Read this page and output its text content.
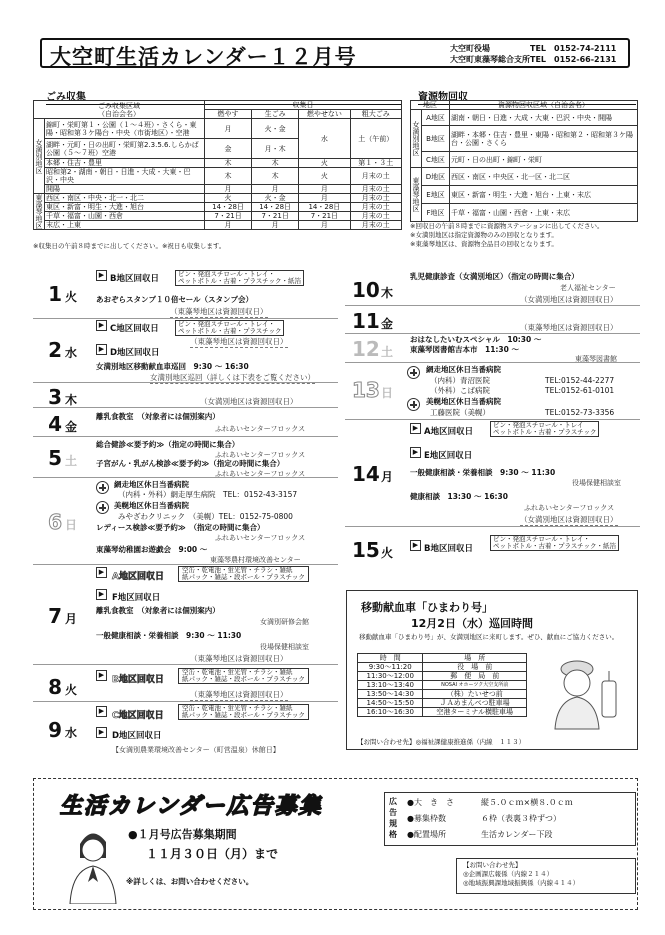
大空町生活カレンダー１２月号	大空町役場	TEL　0152-74-2111
大空町東藻琴総合支所TEL　0152-66-2131
ごみ収集
ごみ収集区域
（自治会名）		収集日			
		燃やす	生ごみ	燃やせない	粗大ごみ
女満別地区	錦町・栄町第１・公園（１～４班）・さくら・東陽・昭和第３ケ陽台・中央（市街地区）・空港	月	火・金	水	土（午前）
	湖畔・元町・日の出町・栄町第2.3.5.6.しらかば公園（５～７班）空港	金	月・木		
	本郷・住吉・豊里	木	木	火	第１・３土
	昭和第2・湖南・朝日・日進・大成・大東・巴沢・中央	木	木	火	月末の土
	開陽	月	月	月	月末の土
東藻琴地区	西区・南区・中央・北一・北二	火	火・金	月	月末の土
	東区・新富・明生・大進・旭台	14・28日	14・28日	14・28日	月末の土
	千草・福富・山園・西倉	7・21日	7・21日	7・21日	月末の土
	末広・上東	月	月	月	月末の土
※収集日の午前８時までに出してください。※祝日も収集します。
資源物回収
地区		資源物回収区域（自治会名）
女満別地区	A地区	湖南・朝日・日進・大成・大東・巴沢・中央・開陽
	B地区	湖畔・本郷・住吉・豊里・東陽・昭和第２・昭和第３ケ陽台・公園・さくら
	C地区	元町・日の出町・錦町・栄町
東藻琴地区	D地区	西区・南区・中央区・北一区・北二区
	E地区	東区・新富・明生・大進・旭台・上東・末広
	F地区	千草・福富・山園・西倉・上東・末広
※回収日の午前８時までに資源物ステーションに出してください。
※女満別地区は指定資源物のみの回収となります。
※東藻琴地区は、資源物全品目の回収となります。
1 火
▶ B地区回収日	ビン・発泡スチロール・トレイ・
ペットボトル・古着・プラスチック・紙箔
あおぞらスタンプ１０倍セール（スタンプ会）
（東藻琴地区は資源回収日）
2 水
▶ C地区回収日	ビン・発泡スチロール・トレイ・
ペットボトル・古着・プラスチック
（東藻琴地区は資源回収日）
▶ D地区回収日
女満別地区移動献血車巡回　9:30 ～ 16:30
女満別地区巡回（詳しくは下表をご覧ください）
3 木	（女満別地区は資源回収日）
4 金
離乳食教室　（対象者には個別案内）
ふれあいセンターフロックス
5 土
総合健診≪要予約≫（指定の時間に集合）
ふれあいセンターフロックス
子宮がん・乳がん検診≪要予約≫（指定の時間に集合）
ふれあいセンターフロックス
6 日
網走地区休日当番病院
（内科・外科）網走厚生病院　TEL：0152-43-3157
美幌地区休日当番病院
みやざわクリニック　（美幌）TEL：0152-75-0800
レディース検診≪要予約≫　（指定の時間に集合）
ふれあいセンターフロックス
東藻琴幼稚園お遊戯会　9:00 ～
東藻琴農村環境改善センター
7 月
▶ A地区回収日
空缶・乾電池・蛍光管・チラシ・雑紙
紙パック・雑誌・段ボール・プラスチック
▶ F地区回収日
離乳食教室　（対象者には個別案内）
女満別研修会館
一般健康相談・栄養相談　9:30 ～ 11:30
役場保健相談室
（東藻琴地区は資源回収日）
8 火
▶ B地区回収日
空缶・乾電池・蛍光管・チラシ・雑紙
紙パック・雑誌・段ボール・プラスチック
（東藻琴地区は資源回収日）
9 水
▶ C地区回収日
空缶・乾電池・蛍光管・チラシ・雑紙
紙パック・雑誌・段ボール・プラスチック
▶ D地区回収日
【女満別農業環境改善センター（町営温泉）休館日】
10木
乳児健康診査（女満別地区）（指定の時間に集合）
老人福祉センター
（女満別地区は資源回収日）
11金	（東藻琴地区は資源回収日）
12土
おはなしたいむスペシャル　10:30 ～
東藻琴図書館吉本市　11:30 ～
東藻琴図書館
13日
網走地区休日当番病院
（内科）青沼医院	TEL:0152-44-2277
（外科）こば病院	TEL:0152-61-0101
美幌地区休日当番病院
工藤医院（美幌）	TEL:0152-73-3356
14月
▶ A地区回収日
ビン・発泡スチロール・トレイ
ペットボトル・古着・プラスチック
▶ E地区回収日
一般健康相談・栄養相談　9:30 ～ 11:30
役場保健相談室
健康相談　13:30 ～ 16:30
ふれあいセンターフロックス
（女満別地区は資源回収日）
15火
▶ B地区回収日
ビン・発泡スチロール・トレイ・
ペットボトル・古着・プラスチック・紙箔
移動献血車「ひまわり号」
12月2日（水）巡回時間
移動献血車「ひまわり号」が、女満別地区に来町します。ぜひ、献血にご協力ください。
時　間	場　所
9:30～11:20	役　場　前
11:30～12:00	郵　便　局　前
13:10～13:40	NOSAI オホーツク大空支所前
13:50～14:30	（株）たいせつ前
14:50～15:50	ＪＡめまんべつ駐車場
16:10～16:30	空港ターミナル横駐車場
【お問い合わせ先】◎福祉課健康推進係（内線　１１３）
生活カレンダー広告募集
●１月号広告募集期間
１１月３０日（月）まで
※詳しくは、お問い合わせください。
広告規格
●大　き　さ	縦５.０ｃｍ×横８.０ｃｍ
●募集枠数	６枠（表裏３枠ずつ）
●配置場所	生活カレンダー下段
【お問い合わせ先】
◎企画課広報係（内線２１４）
◎地域振興課地域振興係（内線４１４）
